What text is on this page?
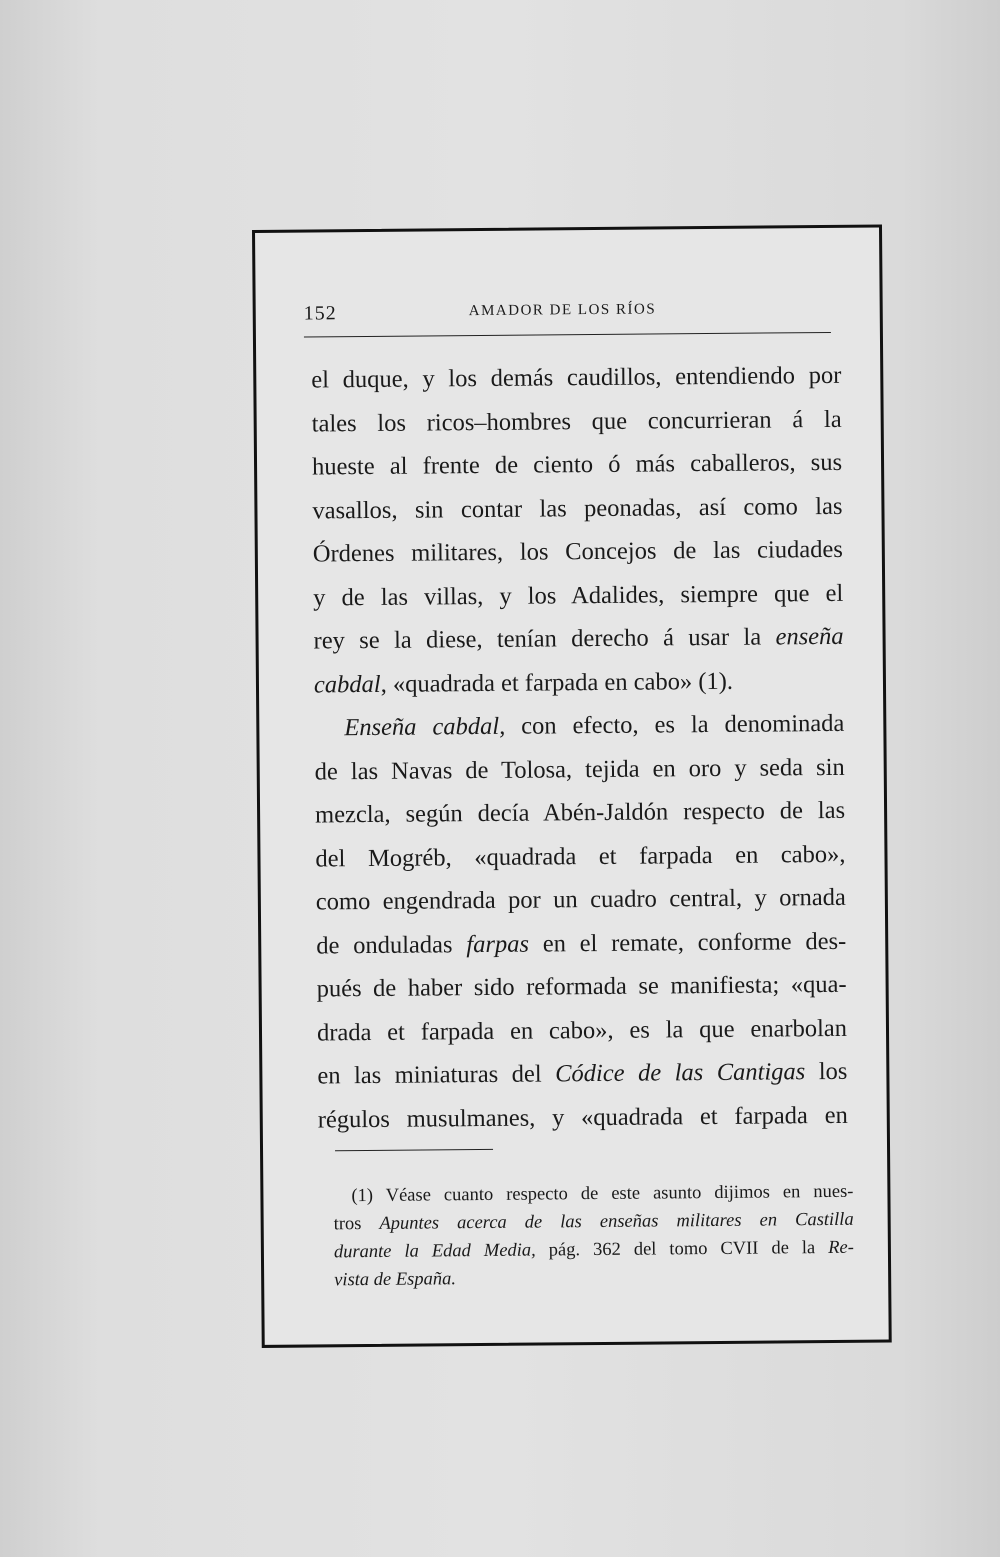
152	AMADOR DE LOS RÍOS
el duque, y los demás caudillos, entendiendo por
tales los ricos–hombres que concurrieran á la
hueste al frente de ciento ó más caballeros, sus
vasallos, sin contar las peonadas, así como las
Órdenes militares, los Concejos de las ciudades
y de las villas, y los Adalides, siempre que el
rey se la diese, tenían derecho á usar la enseña
cabdal, «quadrada et farpada en cabo» (1).
Enseña cabdal, con efecto, es la denominada
de las Navas de Tolosa, tejida en oro y seda sin
mezcla, según decía Abén-Jaldón respecto de las
del Mogréb, «quadrada et farpada en cabo»,
como engendrada por un cuadro central, y ornada
de onduladas farpas en el remate, conforme des-
pués de haber sido reformada se manifiesta; «qua-
drada et farpada en cabo», es la que enarbolan
en las miniaturas del Códice de las Cantigas los
régulos musulmanes, y «quadrada et farpada en
(1) Véase cuanto respecto de este asunto dijimos en nues-
tros Apuntes acerca de las enseñas militares en Castilla
durante la Edad Media, pág. 362 del tomo CVII de la Re-
vista de España.
